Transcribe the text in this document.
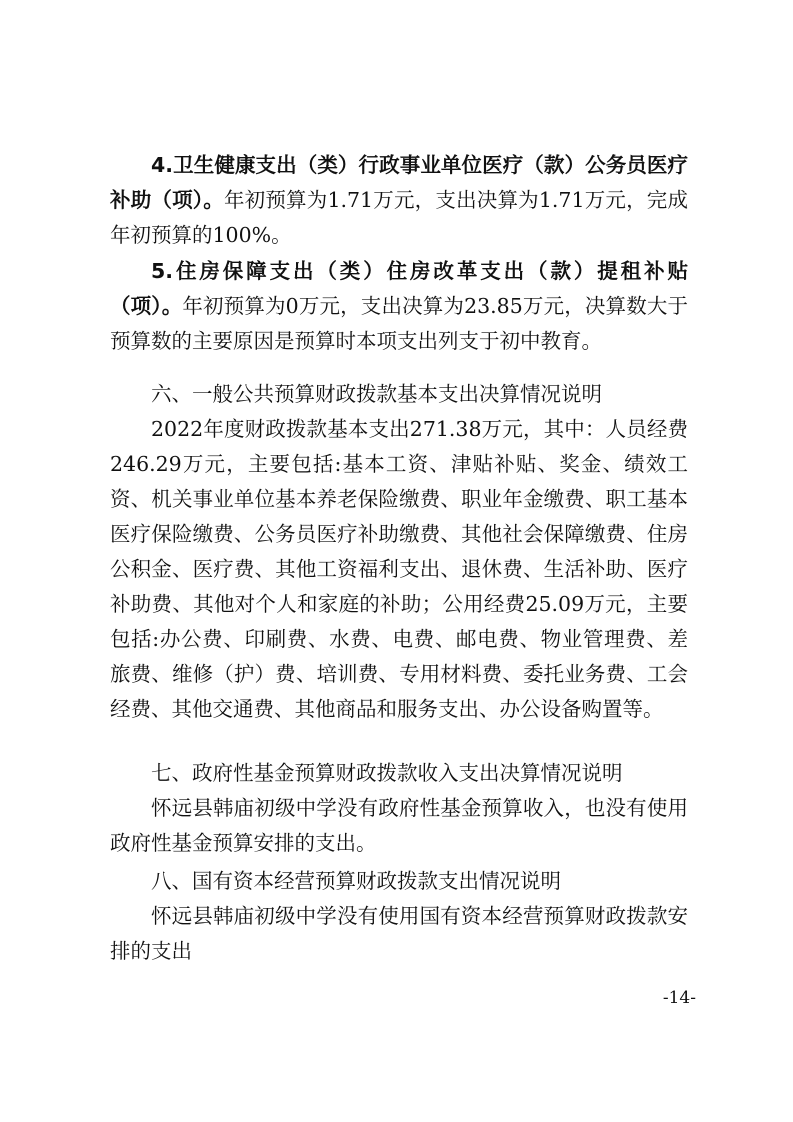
4.卫生健康支出（类）行政事业单位医疗（款）公务员医疗补助（项）。年初预算为1.71万元，支出决算为1.71万元，完成年初预算的100%。

5.住房保障支出（类）住房改革支出（款）提租补贴（项）。年初预算为0万元，支出决算为23.85万元，决算数大于预算数的主要原因是预算时本项支出列支于初中教育。

六、一般公共预算财政拨款基本支出决算情况说明

2022年度财政拨款基本支出271.38万元，其中：人员经费246.29万元，主要包括:基本工资、津贴补贴、奖金、绩效工资、机关事业单位基本养老保险缴费、职业年金缴费、职工基本医疗保险缴费、公务员医疗补助缴费、其他社会保障缴费、住房公积金、医疗费、其他工资福利支出、退休费、生活补助、医疗补助费、其他对个人和家庭的补助；公用经费25.09万元，主要包括:办公费、印刷费、水费、电费、邮电费、物业管理费、差旅费、维修（护）费、培训费、专用材料费、委托业务费、工会经费、其他交通费、其他商品和服务支出、办公设备购置等。

七、政府性基金预算财政拨款收入支出决算情况说明

怀远县韩庙初级中学没有政府性基金预算收入，也没有使用政府性基金预算安排的支出。

八、国有资本经营预算财政拨款支出情况说明

怀远县韩庙初级中学没有使用国有资本经营预算财政拨款安排的支出

-14-
